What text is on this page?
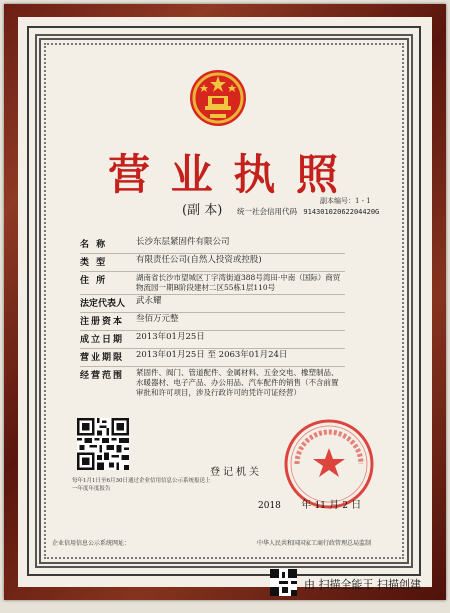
营 业 执 照
(副 本)
副本编号：1 - 1
统一社会信用代码 91430102062204420G
名 称	长沙东层紧固件有限公司
类 型	有限责任公司(自然人投资或控股)
住 所	湖南省长沙市望城区丁字湾街道388号湾田·中南（国际）商贸物流园一期B阶段建材二区55栋1层110号
法定代表人	武永耀
注册资本	叁佰万元整
成立日期	2013年01月25日
营业期限	2013年01月25日 至 2063年01月24日
经营范围	紧固件、阀门、管道配件、金属材料、五金交电、橡塑制品、水暖器材、电子产品、办公用品、汽车配件的销售（不含前置审批和许可项目，涉及行政许可的凭许可证经营）
每年1月1日至6月30日通过企业信用信息公示系统报送上一年度年度报告
登记机关
2018 年 11 月 2 日
企业信用信息公示系统网址：	中华人民共和国国家工商行政管理总局监制
由 扫描全能王 扫描创建
